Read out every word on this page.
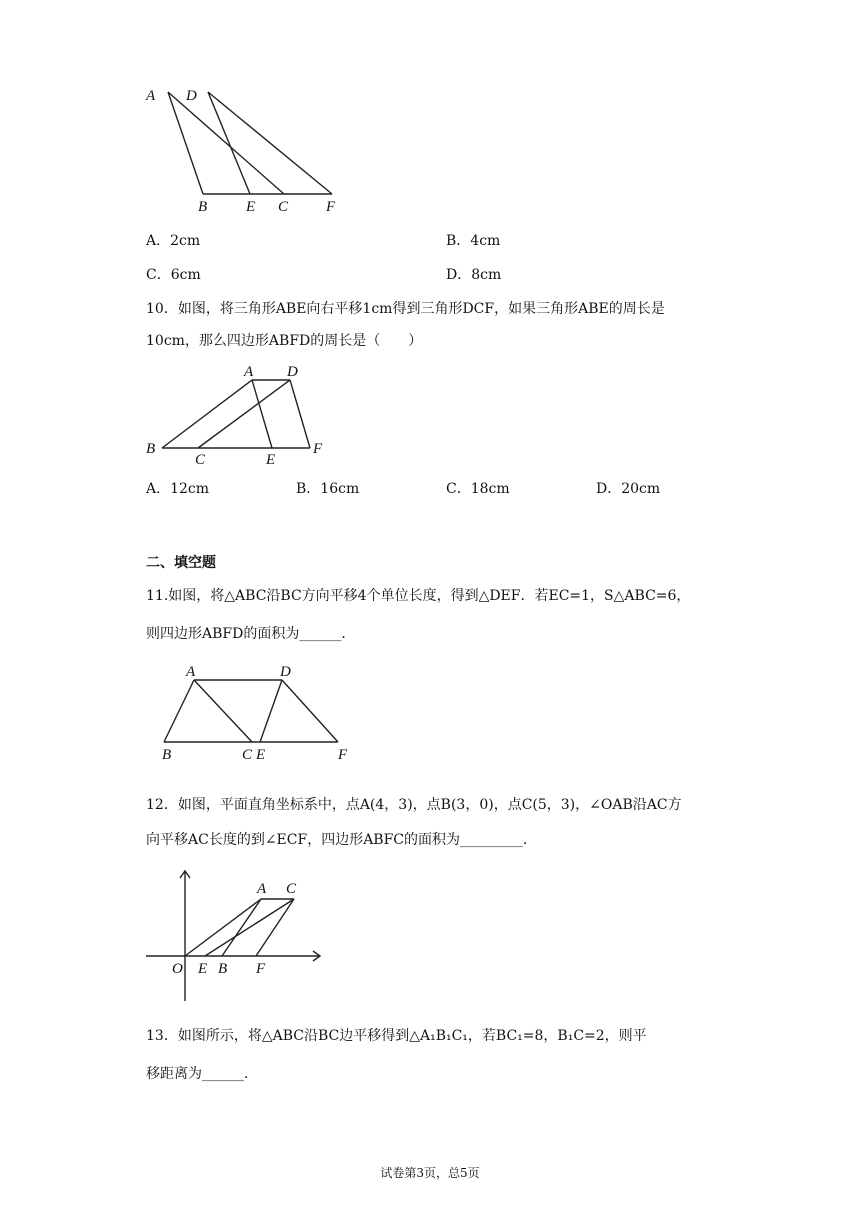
A D
B	E C	F
A．2cm	B．4cm
C．6cm	D．8cm
10．如图，将三角形ABE向右平移1cm得到三角形DCF，如果三角形ABE的周长是
10cm，那么四边形ABFD的周长是（　　）
A D
B
C	E
F
A．12cm	B．16cm	C．18cm	D．20cm
二、填空题
11.如图，将△ABC沿BC方向平移4个单位长度，得到△DEF．若EC=1，S△ABC=6，
则四边形ABFD的面积为______．
A	D
B	C E	F
12．如图，平面直角坐标系中，点A(4，3)，点B(3，0)，点C(5，3)，∠OAB沿AC方
向平移AC长度的到∠ECF，四边形ABFC的面积为_________．
A C
O E B F
13．如图所示，将△ABC沿BC边平移得到△A₁B₁C₁，若BC₁=8，B₁C=2，则平
移距离为______．
试卷第3页，总5页
